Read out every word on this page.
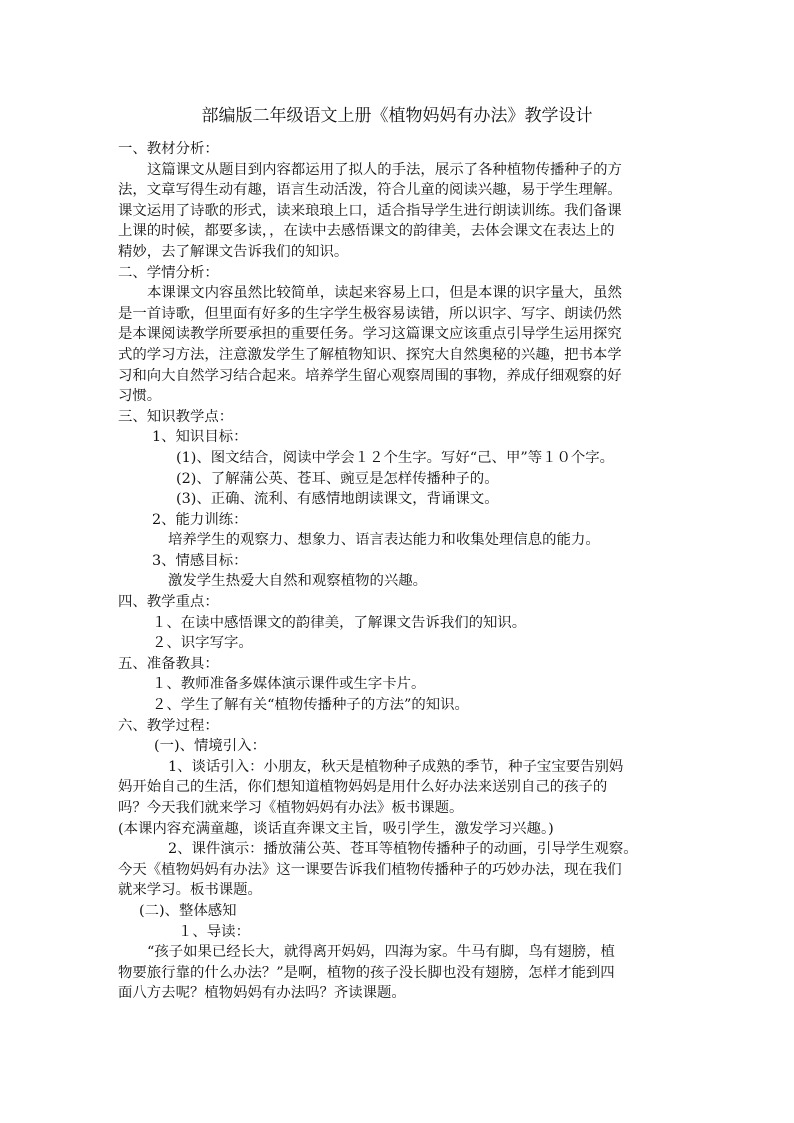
部编版二年级语文上册《植物妈妈有办法》教学设计
一、教材分析：
这篇课文从题目到内容都运用了拟人的手法，展示了各种植物传播种子的方
法，文章写得生动有趣，语言生动活泼，符合儿童的阅读兴趣，易于学生理解。
课文运用了诗歌的形式，读来琅琅上口，适合指导学生进行朗读训练。我们备课
上课的时候，都要多读，，在读中去感悟课文的韵律美，去体会课文在表达上的
精妙，去了解课文告诉我们的知识。
二、学情分析：
本课课文内容虽然比较简单，读起来容易上口，但是本课的识字量大，虽然
是一首诗歌，但里面有好多的生字学生极容易读错，所以识字、写字、朗读仍然
是本课阅读教学所要承担的重要任务。学习这篇课文应该重点引导学生运用探究
式的学习方法，注意激发学生了解植物知识、探究大自然奥秘的兴趣，把书本学
习和向大自然学习结合起来。培养学生留心观察周围的事物，养成仔细观察的好
习惯。
三、知识教学点：
1、知识目标：
(1)、图文结合，阅读中学会１２个生字。写好“己、甲”等１０个字。
(2)、了解蒲公英、苍耳、豌豆是怎样传播种子的。
(3)、正确、流利、有感情地朗读课文，背诵课文。
2、能力训练：
培养学生的观察力、想象力、语言表达能力和收集处理信息的能力。
3、情感目标：
激发学生热爱大自然和观察植物的兴趣。
四、教学重点：
１、在读中感悟课文的韵律美，了解课文告诉我们的知识。
２、识字写字。
五、准备教具：
１、教师准备多媒体演示课件或生字卡片。
２、学生了解有关“植物传播种子的方法”的知识。
六、教学过程：
(一)、情境引入：
1、谈话引入：小朋友，秋天是植物种子成熟的季节，种子宝宝要告别妈
妈开始自己的生活，你们想知道植物妈妈是用什么好办法来送别自己的孩子的
吗？今天我们就来学习《植物妈妈有办法》板书课题。
(本课内容充满童趣，谈话直奔课文主旨，吸引学生，激发学习兴趣。)
2、课件演示：播放蒲公英、苍耳等植物传播种子的动画，引导学生观察。
今天《植物妈妈有办法》这一课要告诉我们植物传播种子的巧妙办法，现在我们
就来学习。板书课题。
(二)、整体感知
１、导读：
“孩子如果已经长大，就得离开妈妈，四海为家。牛马有脚，鸟有翅膀，植
物要旅行靠的什么办法？”是啊，植物的孩子没长脚也没有翅膀，怎样才能到四
面八方去呢？植物妈妈有办法吗？齐读课题。
